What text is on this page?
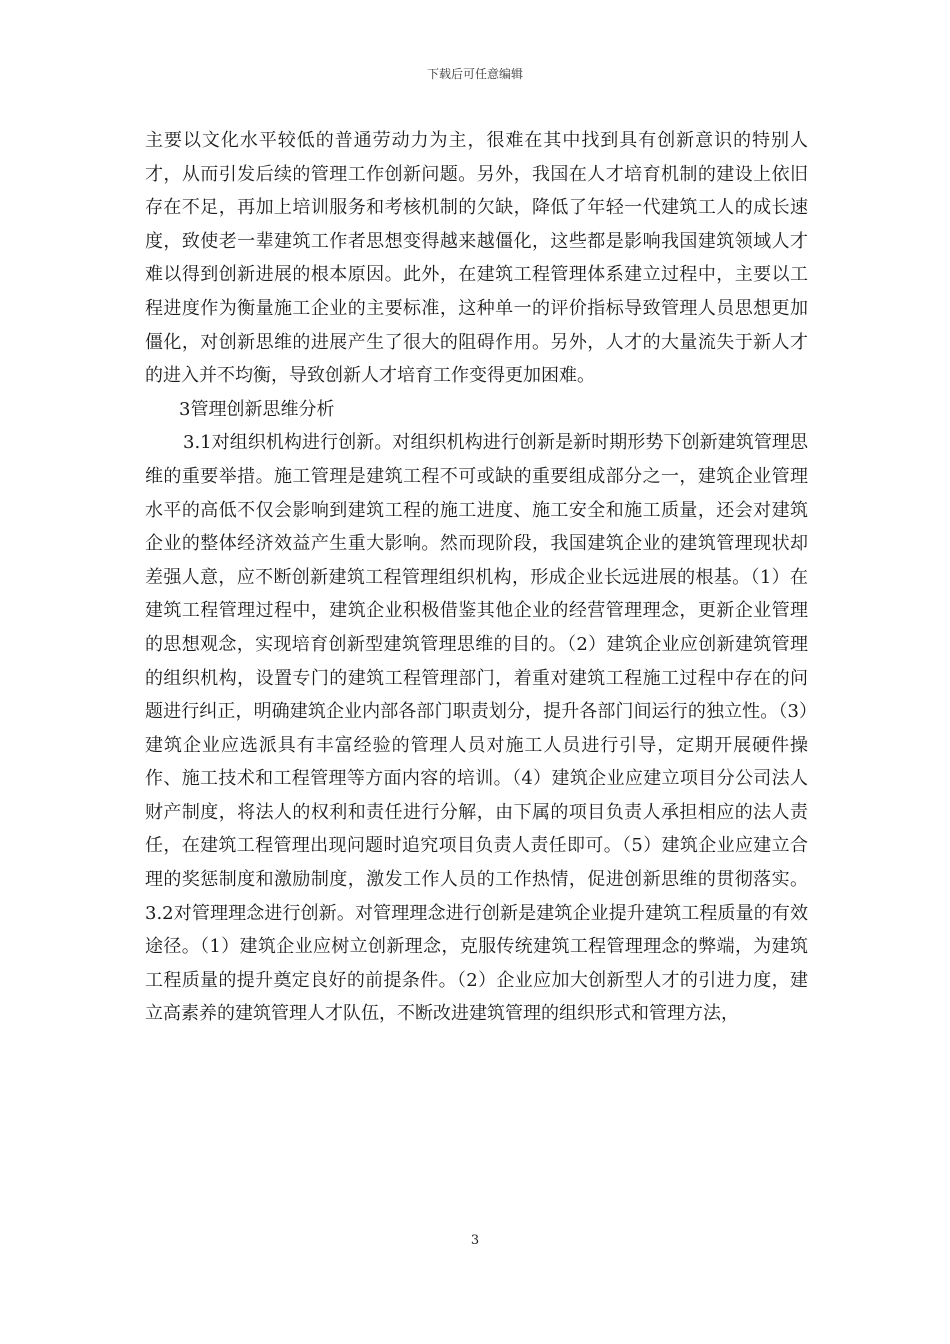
下载后可任意编辑

主要以文化水平较低的普通劳动力为主，很难在其中找到具有创新意识的特别人才，从而引发后续的管理工作创新问题。另外，我国在人才培育机制的建设上依旧存在不足，再加上培训服务和考核机制的欠缺，降低了年轻一代建筑工人的成长速度，致使老一辈建筑工作者思想变得越来越僵化，这些都是影响我国建筑领域人才难以得到创新进展的根本原因。此外，在建筑工程管理体系建立过程中，主要以工程进度作为衡量施工企业的主要标准，这种单一的评价指标导致管理人员思想更加僵化，对创新思维的进展产生了很大的阻碍作用。另外，人才的大量流失于新人才的进入并不均衡，导致创新人才培育工作变得更加困难。

3管理创新思维分析

3.1对组织机构进行创新。对组织机构进行创新是新时期形势下创新建筑管理思维的重要举措。施工管理是建筑工程不可或缺的重要组成部分之一，建筑企业管理水平的高低不仅会影响到建筑工程的施工进度、施工安全和施工质量，还会对建筑企业的整体经济效益产生重大影响。然而现阶段，我国建筑企业的建筑管理现状却差强人意，应不断创新建筑工程管理组织机构，形成企业长远进展的根基。（1）在建筑工程管理过程中，建筑企业积极借鉴其他企业的经营管理理念，更新企业管理的思想观念，实现培育创新型建筑管理思维的目的。（2）建筑企业应创新建筑管理的组织机构，设置专门的建筑工程管理部门，着重对建筑工程施工过程中存在的问题进行纠正，明确建筑企业内部各部门职责划分，提升各部门间运行的独立性。（3）建筑企业应选派具有丰富经验的管理人员对施工人员进行引导，定期开展硬件操作、施工技术和工程管理等方面内容的培训。（4）建筑企业应建立项目分公司法人财产制度，将法人的权利和责任进行分解，由下属的项目负责人承担相应的法人责任，在建筑工程管理出现问题时追究项目负责人责任即可。（5）建筑企业应建立合理的奖惩制度和激励制度，激发工作人员的工作热情，促进创新思维的贯彻落实。3.2对管理理念进行创新。对管理理念进行创新是建筑企业提升建筑工程质量的有效途径。（1）建筑企业应树立创新理念，克服传统建筑工程管理理念的弊端，为建筑工程质量的提升奠定良好的前提条件。（2）企业应加大创新型人才的引进力度，建立高素养的建筑管理人才队伍，不断改进建筑管理的组织形式和管理方法，

3
